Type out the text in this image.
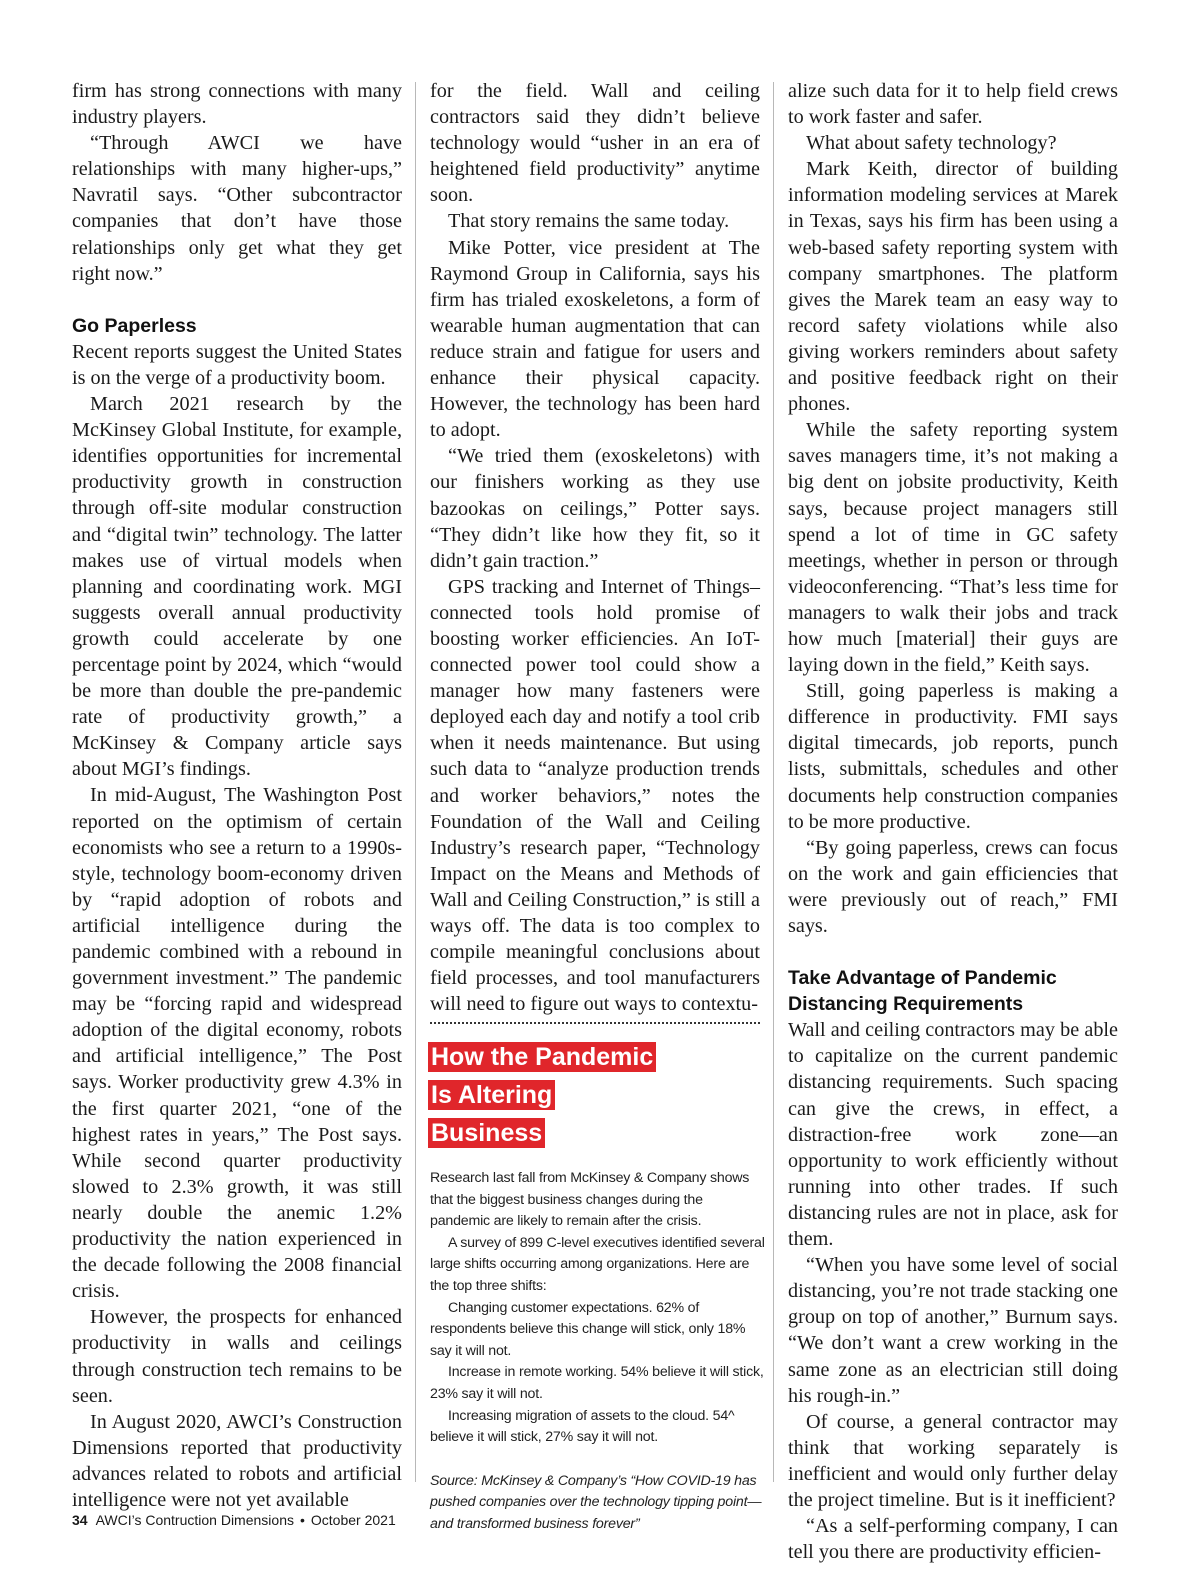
firm has strong connections with many industry players.

“Through AWCI we have relationships with many higher-ups,” Navratil says. “Other subcontractor companies that don’t have those relationships only get what they get right now.”

Go Paperless

Recent reports suggest the United States is on the verge of a productivity boom.

March 2021 research by the McKinsey Global Institute, for example, identifies opportunities for incremental productivity growth in construction through off-site modular construction and “digital twin” technology. The latter makes use of virtual models when planning and coordinating work. MGI suggests overall annual productivity growth could accelerate by one percentage point by 2024, which “would be more than double the pre-pandemic rate of productivity growth,” a McKinsey & Company article says about MGI’s findings.

In mid-August, The Washington Post reported on the optimism of certain economists who see a return to a 1990s-style, technology boom-economy driven by “rapid adoption of robots and artificial intelligence during the pandemic combined with a rebound in government investment.” The pandemic may be “forcing rapid and widespread adoption of the digital economy, robots and artificial intelligence,” The Post says. Worker productivity grew 4.3% in the first quarter 2021, “one of the highest rates in years,” The Post says. While second quarter productivity slowed to 2.3% growth, it was still nearly double the anemic 1.2% productivity the nation experienced in the decade following the 2008 financial crisis.

However, the prospects for enhanced productivity in walls and ceilings through construction tech remains to be seen.

In August 2020, AWCI’s Construction Dimensions reported that productivity advances related to robots and artificial intelligence were not yet available

for the field. Wall and ceiling contractors said they didn’t believe technology would “usher in an era of heightened field productivity” anytime soon.

That story remains the same today.

Mike Potter, vice president at The Raymond Group in California, says his firm has trialed exoskeletons, a form of wearable human augmentation that can reduce strain and fatigue for users and enhance their physical capacity. However, the technology has been hard to adopt.

“We tried them (exoskeletons) with our finishers working as they use bazookas on ceilings,” Potter says. “They didn’t like how they fit, so it didn’t gain traction.”

GPS tracking and Internet of Things–connected tools hold promise of boosting worker efficiencies. An IoT-connected power tool could show a manager how many fasteners were deployed each day and notify a tool crib when it needs maintenance. But using such data to “analyze production trends and worker behaviors,” notes the Foundation of the Wall and Ceiling Industry’s research paper, “Technology Impact on the Means and Methods of Wall and Ceiling Construction,” is still a ways off. The data is too complex to compile meaningful conclusions about field processes, and tool manufacturers will need to figure out ways to contextu-

How the Pandemic Is Altering Business

Research last fall from McKinsey & Company shows that the biggest business changes during the pandemic are likely to remain after the crisis.

A survey of 899 C-level executives identified several large shifts occurring among organizations. Here are the top three shifts:

Changing customer expectations. 62% of respondents believe this change will stick, only 18% say it will not.

Increase in remote working. 54% believe it will stick, 23% say it will not.

Increasing migration of assets to the cloud. 54^ believe it will stick, 27% say it will not.

Source: McKinsey & Company’s “How COVID-19 has pushed companies over the technology tipping point—and transformed business forever”

alize such data for it to help field crews to work faster and safer.

What about safety technology?

Mark Keith, director of building information modeling services at Marek in Texas, says his firm has been using a web-based safety reporting system with company smartphones. The platform gives the Marek team an easy way to record safety violations while also giving workers reminders about safety and positive feedback right on their phones.

While the safety reporting system saves managers time, it’s not making a big dent on jobsite productivity, Keith says, because project managers still spend a lot of time in GC safety meetings, whether in person or through videoconferencing. “That’s less time for managers to walk their jobs and track how much [material] their guys are laying down in the field,” Keith says.

Still, going paperless is making a difference in productivity. FMI says digital timecards, job reports, punch lists, submittals, schedules and other documents help construction companies to be more productive.

“By going paperless, crews can focus on the work and gain efficiencies that were previously out of reach,” FMI says.

Take Advantage of Pandemic Distancing Requirements

Wall and ceiling contractors may be able to capitalize on the current pandemic distancing requirements. Such spacing can give the crews, in effect, a distraction-free work zone—an opportunity to work efficiently without running into other trades. If such distancing rules are not in place, ask for them.

“When you have some level of social distancing, you’re not trade stacking one group on top of another,” Burnum says. “We don’t want a crew working in the same zone as an electrician still doing his rough-in.”

Of course, a general contractor may think that working separately is inefficient and would only further delay the project timeline. But is it inefficient?

“As a self-performing company, I can tell you there are productivity efficien-

34 AWCI’s Contruction Dimensions • October 2021
